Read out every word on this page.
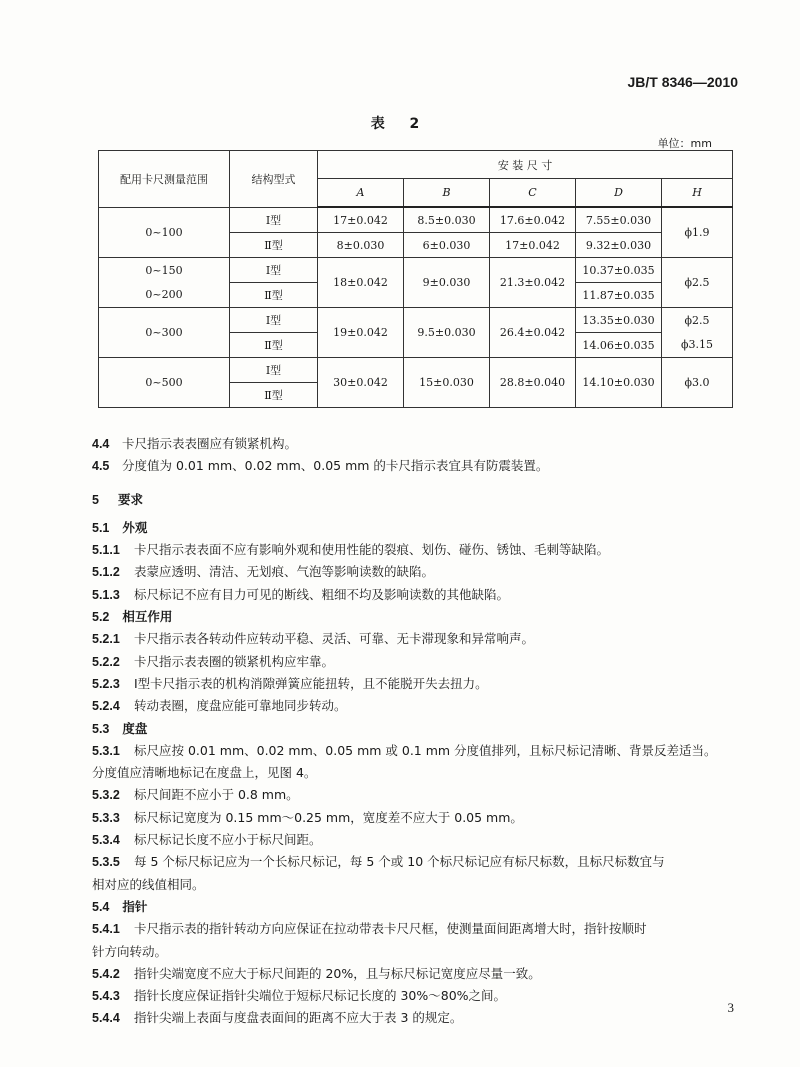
JB/T 8346—2010
表 2
单位：mm
配用卡尺测量范围	结构型式	安 装 尺 寸				
		A	B	C	D	H
0~100	Ⅰ型	17±0.042	8.5±0.030	17.6±0.042	7.55±0.030	ϕ1.9
	Ⅱ型	8±0.030	6±0.030	17±0.042	9.32±0.030	
0~150	Ⅰ型	18±0.042	9±0.030	21.3±0.042	10.37±0.035	ϕ2.5
0~200	Ⅱ型				11.87±0.035	
0~300	Ⅰ型	19±0.042	9.5±0.030	26.4±0.042	13.35±0.030	ϕ2.5
	Ⅱ型				14.06±0.035	ϕ3.15
0~500	Ⅰ型	30±0.042	15±0.030	28.8±0.040	14.10±0.030	ϕ3.0
	Ⅱ型					
4.4 卡尺指示表表圈应有锁紧机构。
4.5 分度值为 0.01 mm、0.02 mm、0.05 mm 的卡尺指示表宜具有防震装置。
5 要求
5.1 外观
5.1.1 卡尺指示表表面不应有影响外观和使用性能的裂痕、划伤、碰伤、锈蚀、毛刺等缺陷。
5.1.2 表蒙应透明、清洁、无划痕、气泡等影响读数的缺陷。
5.1.3 标尺标记不应有目力可见的断线、粗细不均及影响读数的其他缺陷。
5.2 相互作用
5.2.1 卡尺指示表各转动件应转动平稳、灵活、可靠、无卡滞现象和异常响声。
5.2.2 卡尺指示表表圈的锁紧机构应牢靠。
5.2.3 Ⅰ型卡尺指示表的机构消隙弹簧应能扭转，且不能脱开失去扭力。
5.2.4 转动表圈，度盘应能可靠地同步转动。
5.3 度盘
5.3.1 标尺应按 0.01 mm、0.02 mm、0.05 mm 或 0.1 mm 分度值排列，且标尺标记清晰、背景反差适当。
分度值应清晰地标记在度盘上，见图 4。
5.3.2 标尺间距不应小于 0.8 mm。
5.3.3 标尺标记宽度为 0.15 mm～0.25 mm，宽度差不应大于 0.05 mm。
5.3.4 标尺标记长度不应小于标尺间距。
5.3.5 每 5 个标尺标记应为一个长标尺标记，每 5 个或 10 个标尺标记应有标尺标数，且标尺标数宜与
相对应的线值相同。
5.4 指针
5.4.1 卡尺指示表的指针转动方向应保证在拉动带表卡尺尺框，使测量面间距离增大时，指针按顺时
针方向转动。
5.4.2 指针尖端宽度不应大于标尺间距的 20%，且与标尺标记宽度应尽量一致。
5.4.3 指针长度应保证指针尖端位于短标尺标记长度的 30%～80%之间。
5.4.4 指针尖端上表面与度盘表面间的距离不应大于表 3 的规定。
3
